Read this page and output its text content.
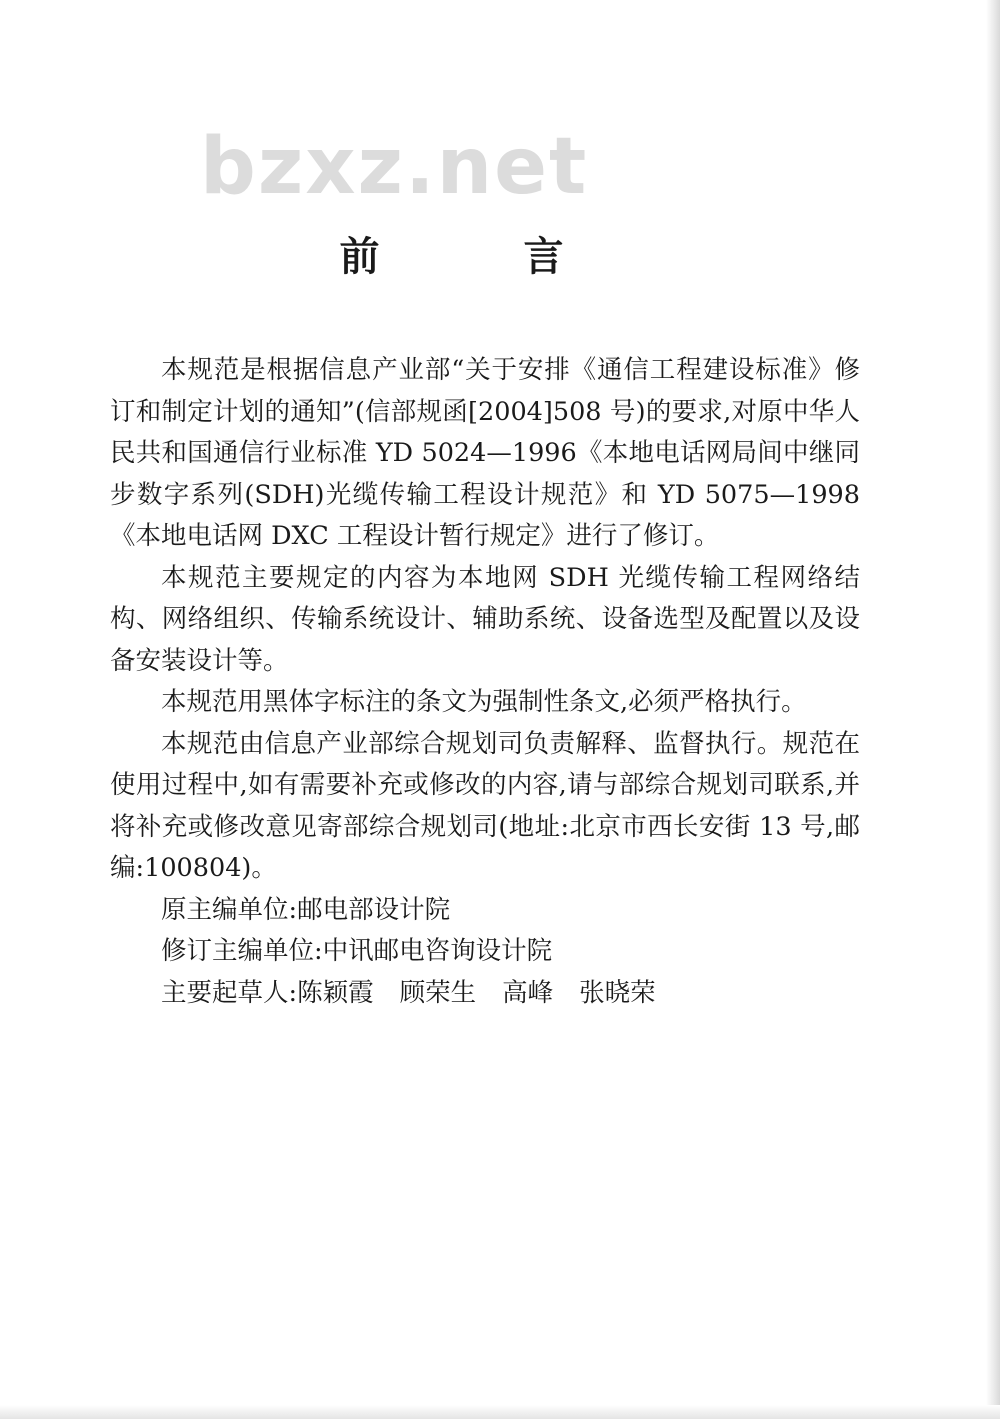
bzxz.net
前　言

本规范是根据信息产业部“关于安排《通信工程建设标准》修订和制定计划的通知”(信部规函[2004]508 号)的要求,对原中华人民共和国通信行业标准 YD 5024—1996《本地电话网局间中继同步数字系列(SDH)光缆传输工程设计规范》和 YD 5075—1998《本地电话网 DXC 工程设计暂行规定》进行了修订。

本规范主要规定的内容为本地网 SDH 光缆传输工程网络结构、网络组织、传输系统设计、辅助系统、设备选型及配置以及设备安装设计等。

本规范用黑体字标注的条文为强制性条文,必须严格执行。

本规范由信息产业部综合规划司负责解释、监督执行。规范在使用过程中,如有需要补充或修改的内容,请与部综合规划司联系,并将补充或修改意见寄部综合规划司(地址:北京市西长安街 13 号,邮编:100804)。

原主编单位:邮电部设计院

修订主编单位:中讯邮电咨询设计院

主要起草人:陈颖霞 顾荣生 高峰 张晓荣
